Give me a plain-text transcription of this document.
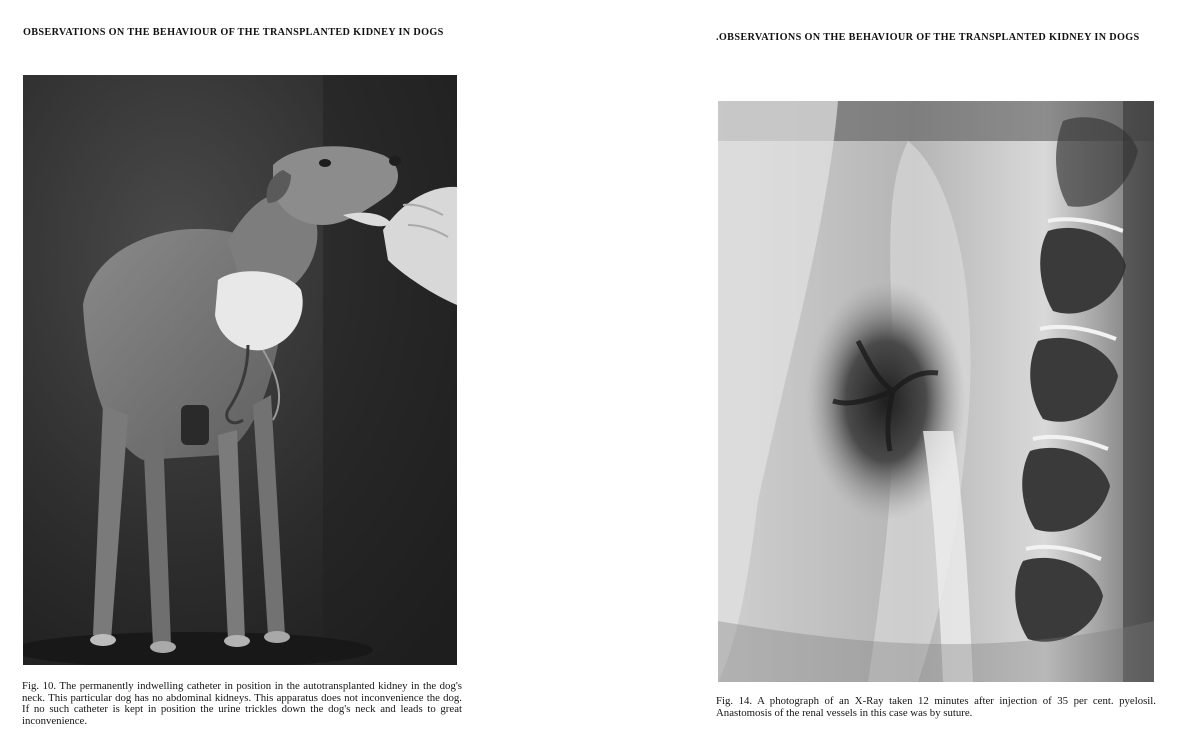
OBSERVATIONS ON THE BEHAVIOUR OF THE TRANSPLANTED KIDNEY IN DOGS
Fig. 10. The permanently indwelling catheter in position in the autotransplanted kidney in the dog's neck. This particular dog has no abdominal kidneys. This apparatus does not inconvenience the dog. If no such catheter is kept in position the urine trickles down the dog's neck and leads to great inconvenience.
.OBSERVATIONS ON THE BEHAVIOUR OF THE TRANSPLANTED KIDNEY IN DOGS
Fig. 14. A photograph of an X-Ray taken 12 minutes after injection of 35 per cent. pyelosil. Anastomosis of the renal vessels in this case was by suture.
